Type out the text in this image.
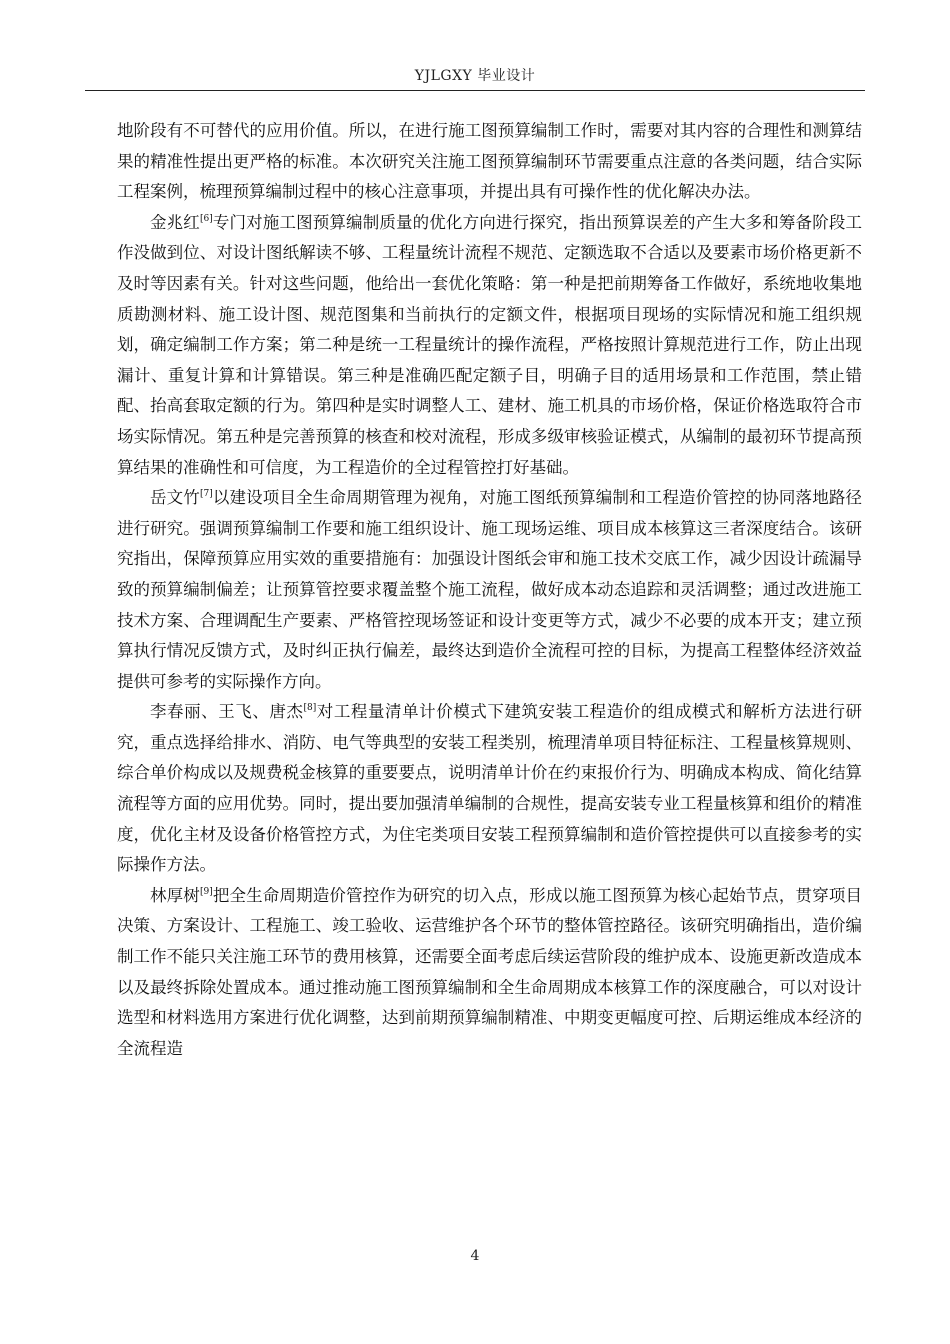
YJLGXY 毕业设计

地阶段有不可替代的应用价值。所以，在进行施工图预算编制工作时，需要对其内容的合理性和测算结果的精准性提出更严格的标准。本次研究关注施工图预算编制环节需要重点注意的各类问题，结合实际工程案例，梳理预算编制过程中的核心注意事项，并提出具有可操作性的优化解决办法。

金兆红[6]专门对施工图预算编制质量的优化方向进行探究，指出预算误差的产生大多和筹备阶段工作没做到位、对设计图纸解读不够、工程量统计流程不规范、定额选取不合适以及要素市场价格更新不及时等因素有关。针对这些问题，他给出一套优化策略：第一种是把前期筹备工作做好，系统地收集地质勘测材料、施工设计图、规范图集和当前执行的定额文件，根据项目现场的实际情况和施工组织规划，确定编制工作方案；第二种是统一工程量统计的操作流程，严格按照计算规范进行工作，防止出现漏计、重复计算和计算错误。第三种是准确匹配定额子目，明确子目的适用场景和工作范围，禁止错配、抬高套取定额的行为。第四种是实时调整人工、建材、施工机具的市场价格，保证价格选取符合市场实际情况。第五种是完善预算的核查和校对流程，形成多级审核验证模式，从编制的最初环节提高预算结果的准确性和可信度，为工程造价的全过程管控打好基础。

岳文竹[7]以建设项目全生命周期管理为视角，对施工图纸预算编制和工程造价管控的协同落地路径进行研究。强调预算编制工作要和施工组织设计、施工现场运维、项目成本核算这三者深度结合。该研究指出，保障预算应用实效的重要措施有：加强设计图纸会审和施工技术交底工作，减少因设计疏漏导致的预算编制偏差；让预算管控要求覆盖整个施工流程，做好成本动态追踪和灵活调整；通过改进施工技术方案、合理调配生产要素、严格管控现场签证和设计变更等方式，减少不必要的成本开支；建立预算执行情况反馈方式，及时纠正执行偏差，最终达到造价全流程可控的目标，为提高工程整体经济效益提供可参考的实际操作方向。

李春丽、王飞、唐杰[8]对工程量清单计价模式下建筑安装工程造价的组成模式和解析方法进行研究，重点选择给排水、消防、电气等典型的安装工程类别，梳理清单项目特征标注、工程量核算规则、综合单价构成以及规费税金核算的重要要点，说明清单计价在约束报价行为、明确成本构成、简化结算流程等方面的应用优势。同时，提出要加强清单编制的合规性，提高安装专业工程量核算和组价的精准度，优化主材及设备价格管控方式，为住宅类项目安装工程预算编制和造价管控提供可以直接参考的实际操作方法。

林厚树[9]把全生命周期造价管控作为研究的切入点，形成以施工图预算为核心起始节点，贯穿项目决策、方案设计、工程施工、竣工验收、运营维护各个环节的整体管控路径。该研究明确指出，造价编制工作不能只关注施工环节的费用核算，还需要全面考虑后续运营阶段的维护成本、设施更新改造成本以及最终拆除处置成本。通过推动施工图预算编制和全生命周期成本核算工作的深度融合，可以对设计选型和材料选用方案进行优化调整，达到前期预算编制精准、中期变更幅度可控、后期运维成本经济的全流程造

4
